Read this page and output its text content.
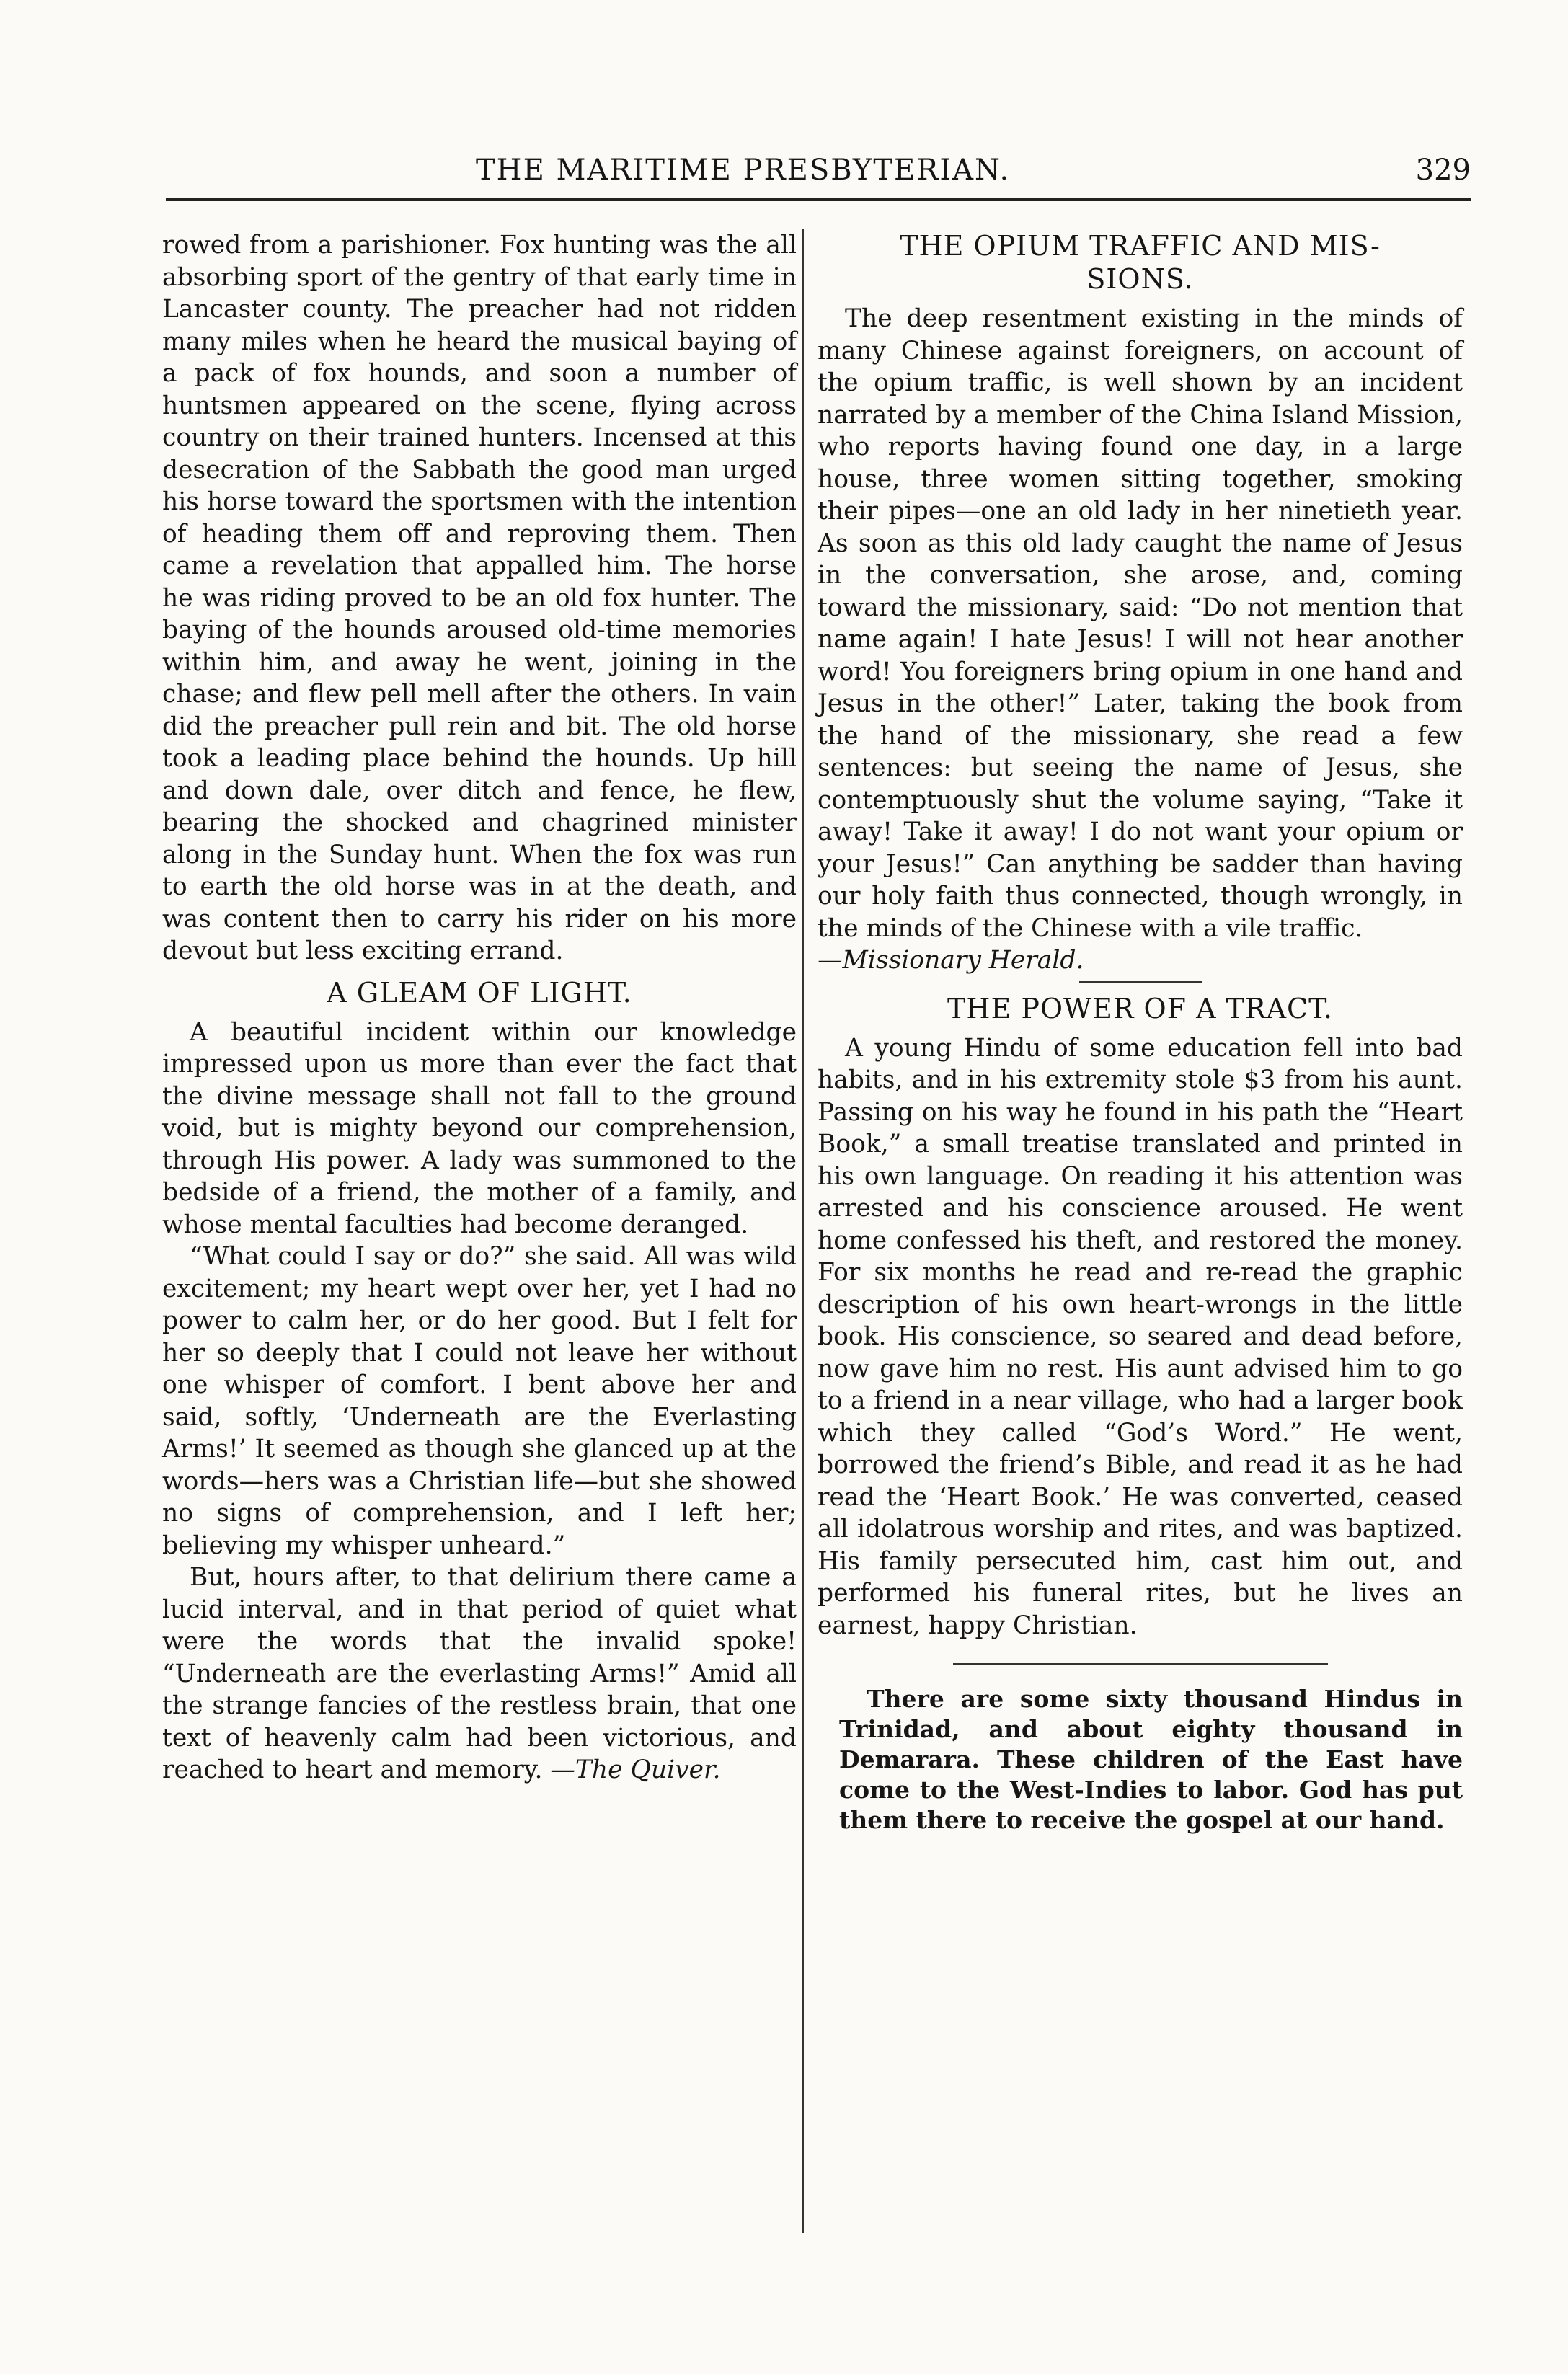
THE MARITIME PRESBYTERIAN.	329

rowed from a parishioner. Fox hunting was the all absorbing sport of the gentry of that early time in Lancaster county. The preacher had not ridden many miles when he heard the musical baying of a pack of fox hounds, and soon a number of huntsmen appeared on the scene, flying across country on their trained hunters. Incensed at this desecration of the Sabbath the good man urged his horse toward the sportsmen with the intention of heading them off and reproving them. Then came a revelation that appalled him. The horse he was riding proved to be an old fox hunter. The baying of the hounds aroused old-time memories within him, and away he went, joining in the chase; and flew pell mell after the others. In vain did the preacher pull rein and bit. The old horse took a leading place behind the hounds. Up hill and down dale, over ditch and fence, he flew, bearing the shocked and chagrined minister along in the Sunday hunt. When the fox was run to earth the old horse was in at the death, and was content then to carry his rider on his more devout but less exciting errand.

A GLEAM OF LIGHT.

A beautiful incident within our knowledge impressed upon us more than ever the fact that the divine message shall not fall to the ground void, but is mighty beyond our comprehension, through His power. A lady was summoned to the bedside of a friend, the mother of a family, and whose mental faculties had become deranged.

“What could I say or do?” she said. All was wild excitement; my heart wept over her, yet I had no power to calm her, or do her good. But I felt for her so deeply that I could not leave her without one whisper of comfort. I bent above her and said, softly, ‘Underneath are the Everlasting Arms!’ It seemed as though she glanced up at the words—hers was a Christian life—but she showed no signs of comprehension, and I left her; believing my whisper unheard.”

But, hours after, to that delirium there came a lucid interval, and in that period of quiet what were the words that the invalid spoke! “Underneath are the everlasting Arms!” Amid all the strange fancies of the restless brain, that one text of heavenly calm had been victorious, and reached to heart and memory. —The Quiver.

THE OPIUM TRAFFIC AND MIS-
SIONS.

The deep resentment existing in the minds of many Chinese against foreigners, on account of the opium traffic, is well shown by an incident narrated by a member of the China Island Mission, who reports having found one day, in a large house, three women sitting together, smoking their pipes—one an old lady in her ninetieth year. As soon as this old lady caught the name of Jesus in the conversation, she arose, and, coming toward the missionary, said: “Do not mention that name again! I hate Jesus! I will not hear another word! You foreigners bring opium in one hand and Jesus in the other!” Later, taking the book from the hand of the missionary, she read a few sentences: but seeing the name of Jesus, she contemptuously shut the volume saying, “Take it away! Take it away! I do not want your opium or your Jesus!” Can anything be sadder than having our holy faith thus connected, though wrongly, in the minds of the Chinese with a vile traffic.

—Missionary Herald.

THE POWER OF A TRACT.

A young Hindu of some education fell into bad habits, and in his extremity stole $3 from his aunt. Passing on his way he found in his path the “Heart Book,” a small treatise translated and printed in his own language. On reading it his attention was arrested and his conscience aroused. He went home confessed his theft, and restored the money. For six months he read and re-read the graphic description of his own heart-wrongs in the little book. His conscience, so seared and dead before, now gave him no rest. His aunt advised him to go to a friend in a near village, who had a larger book which they called “God’s Word.” He went, borrowed the friend’s Bible, and read it as he had read the ‘Heart Book.’ He was converted, ceased all idolatrous worship and rites, and was baptized. His family persecuted him, cast him out, and performed his funeral rites, but he lives an earnest, happy Christian.

There are some sixty thousand Hindus in Trinidad, and about eighty thousand in Demarara. These children of the East have come to the West-Indies to labor. God has put them there to receive the gospel at our hand.
